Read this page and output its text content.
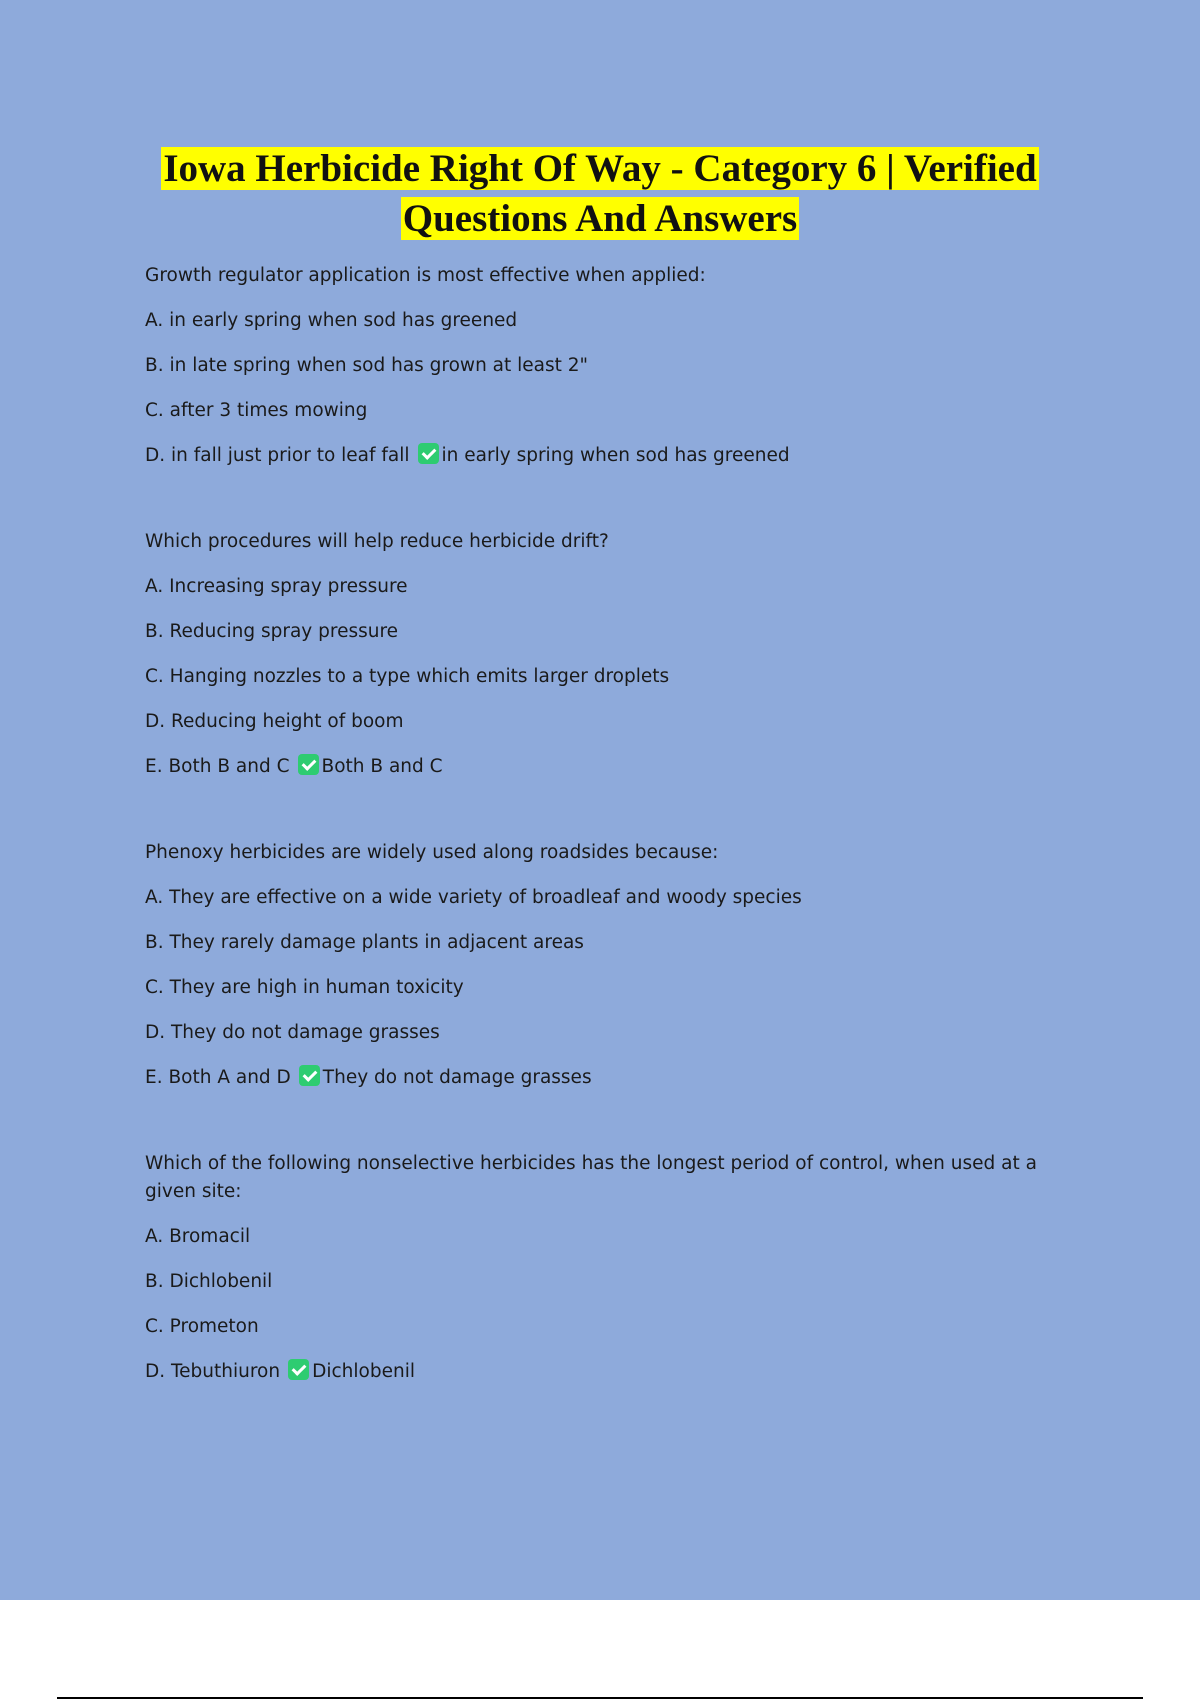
Iowa Herbicide Right Of Way - Category 6 | Verified
Questions And Answers
Growth regulator application is most effective when applied:
A. in early spring when sod has greened
B. in late spring when sod has grown at least 2"
C. after 3 times mowing
D. in fall just prior to leaf fall in early spring when sod has greened
Which procedures will help reduce herbicide drift?
A. Increasing spray pressure
B. Reducing spray pressure
C. Hanging nozzles to a type which emits larger droplets
D. Reducing height of boom
E. Both B and C Both B and C
Phenoxy herbicides are widely used along roadsides because:
A. They are effective on a wide variety of broadleaf and woody species
B. They rarely damage plants in adjacent areas
C. They are high in human toxicity
D. They do not damage grasses
E. Both A and D They do not damage grasses
Which of the following nonselective herbicides has the longest period of control, when used at a given site:
A. Bromacil
B. Dichlobenil
C. Prometon
D. Tebuthiuron Dichlobenil
